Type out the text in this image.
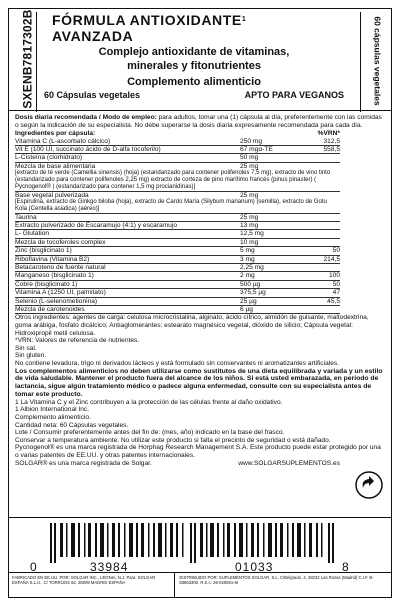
SXENB7817302B	60 cápsulas vegetales
FÓRMULA ANTIOXIDANTE$^1$
AVANZADA
Complejo antioxidante de vitaminas,
minerales y fitonutrientes
Complemento alimenticio
60 Cápsulas vegetales	APTO PARA VEGANOS

Dosis diaria recomendada / Modo de empleo: para adultos, tomar una (1) cápsula al día, preferentemente con las comidas o según la indicación de su especialista. No debe superarse la dosis diaria expresamente recomendada para cada día.

Ingredientes por cápsula:		%VRN*
Vitamina C (L-ascorbato cálcico)	250 mg	312,5
Vit E (100 UI, succinato ácido de D-alfa tocoferilo)	67 mgα-TE	558,5
L-Cisteína (clorhidrato)	50 mg	
Mezcla de base alimentaria	25 mg	
[extracto de té verde (Camellia sinensis) (hoja) (estandarizado para contener polifenoles 7,5 mg), extracto de vino tinto (estandarizado para contener polifenoles 2,25 mg) extracto de corteza de pino marítimo francés (pinus pinaster) ( Pycnogenol® ) (estandarizado para contener 1,5 mg procianidinas)]		
Base vegetal pulverizada	25 mg	
[Espirulina, extracto de Ginkgo biloba (hoja), extracto de Cardo María (Silybum marianum) (semilla), extracto de Gotu Kola (Centella asiatica) (aéreo)]		
Taurina	25 mg	
Extracto pulverizado de Escaramujo (4:1) y escaramujo	13 mg	
L- Glutation	12,5 mg	
Mezcla de tocoferoles complex	10 mg	
Zinc (bisglicinato 1)	5 mg	50
Riboflavina (Vitamina B2)	3 mg	214,5
Betacaroteno de fuente natural	2,25 mg	
Manganeso (bisglicinato 1)	2 mg	100
Cobre (bisglicinato 1)	500 µg	50
Vitamina A (1250 UI, palmitato)	375,5 µg	47
Selenio (L-selenometionina)	25 µg	45,5
Mezcla de carotenoides	6 µg	

Otros ingredientes: agentes de carga: celulosa microcristalina, alginato, ácido cítrico, almidón de guisante, maltodextrina, goma arábiga, fosfato dicálcico; Antiaglomerantes: estearato magnésico vegetal, dióxido de silicio; Cápsula vegetal: Hidroxipropil metil celulosa.

*VRN: Valores de referencia de nutrientes.

Sin sal.

Sin gluten.

No contiene levadura, trigo ni derivados lácteos y está formulado sin conservantes ni aromatizantes artificiales.

Los complementos alimenticios no deben utilizarse como sustitutos de una dieta equilibrada y variada y un estilo de vida saludable. Mantener el producto fuera del alcance de los niños. Si está usted embarazada, en periodo de lactancia, sigue algún tratamiento médico o padece alguna enfermedad, consulte con su especialista antes de tomar este producto.

1 La Vitamina C y el Zinc contribuyen a la protección de las células frente al daño oxidativo.

1 Albion International Inc.

Complemento alimenticio.

Cantidad neta: 60 Cápsulas vegetales.

Lote / Consumir preferentemente antes del fin de: (mes, año) indicado en la base del frasco.

Conservar a temperatura ambiente. No utilizar este producto si falta el precinto de seguridad o está dañado.

Pycnogenol® es una marca registrada de Horphag Research Management S.A. Este producto puede estar protegido por una o varias patentes de EE.UU. y otras patentes internacionales.

SOLGAR® es una marca registrada de Solgar.	www.SOLGARSUPLEMENTOS.es

0	33984	01033	8
FABRICADO EN EE.UU. POR: SOLGAR INC., LEONIA, N.J. Para: SOLGAR ESPAÑA S.L.U., C/ TORRIJOS 62, 28009 MADRID ESPAÑA
DISTRIBUIDO POR: SUPLEMENTOS SOLGAR, S.L. C/Belgrado, 4, 28232 Las Rozas (Madrid) C.I.F. B-83663300. R.S.I.: 26-020591-M
